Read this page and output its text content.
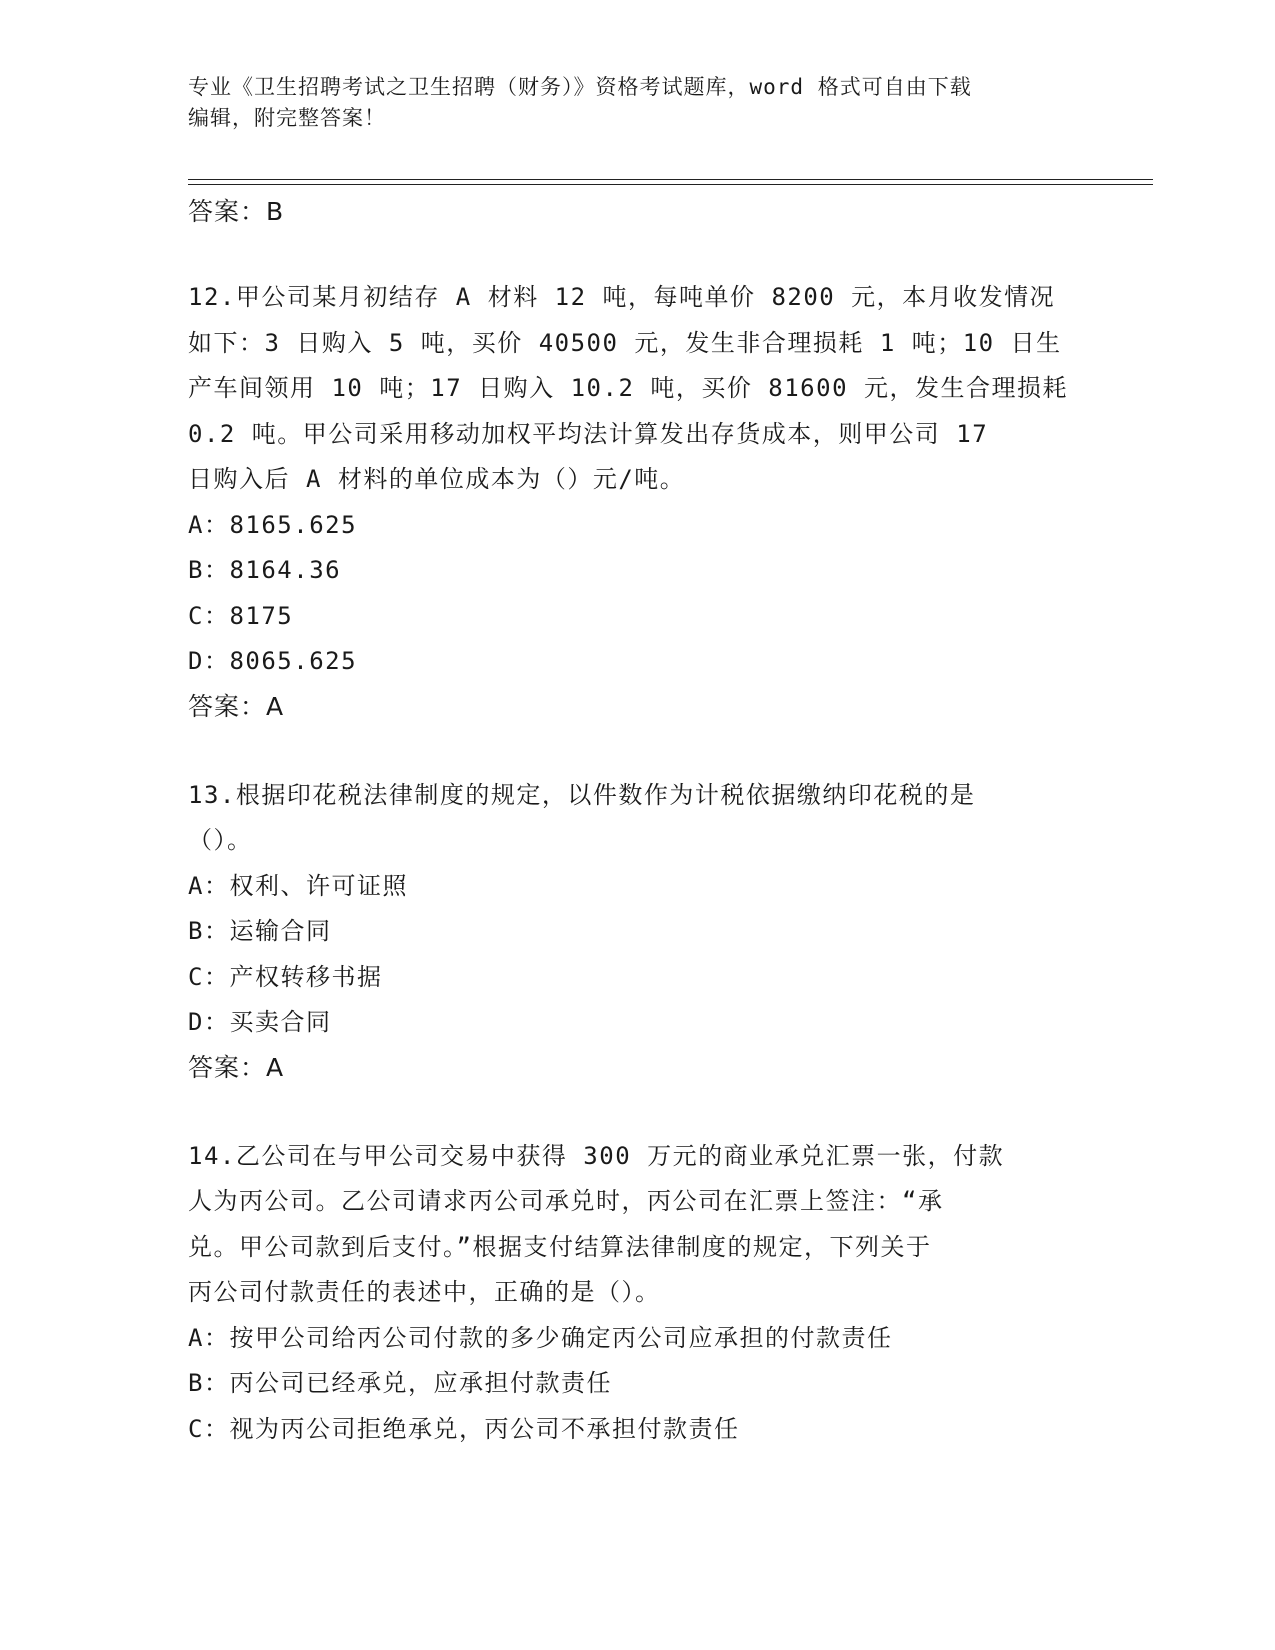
专业《卫生招聘考试之卫生招聘（财务）》资格考试题库，word 格式可自由下载
编辑，附完整答案！
答案：B
12.甲公司某月初结存 A 材料 12 吨，每吨单价 8200 元，本月收发情况
如下：3 日购入 5 吨，买价 40500 元，发生非合理损耗 1 吨；10 日生
产车间领用 10 吨；17 日购入 10.2 吨，买价 81600 元，发生合理损耗
0.2 吨。甲公司采用移动加权平均法计算发出存货成本，则甲公司 17
日购入后 A 材料的单位成本为（）元/吨。
A：8165.625
B：8164.36
C：8175
D：8065.625
答案：A
13.根据印花税法律制度的规定，以件数作为计税依据缴纳印花税的是
（）。
A：权利、许可证照
B：运输合同
C：产权转移书据
D：买卖合同
答案：A
14.乙公司在与甲公司交易中获得 300 万元的商业承兑汇票一张，付款
人为丙公司。乙公司请求丙公司承兑时，丙公司在汇票上签注：“承
兑。甲公司款到后支付。”根据支付结算法律制度的规定，下列关于
丙公司付款责任的表述中，正确的是（）。
A：按甲公司给丙公司付款的多少确定丙公司应承担的付款责任
B：丙公司已经承兑，应承担付款责任
C：视为丙公司拒绝承兑，丙公司不承担付款责任
